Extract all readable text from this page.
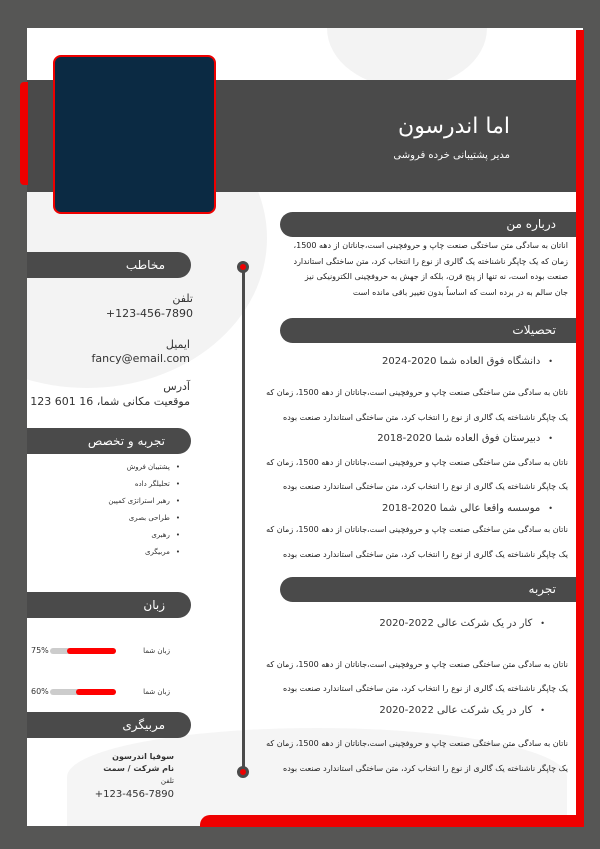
اما اندرسون
مدیر پشتیبانی خرده فروشی
درباره من
اناتان به سادگی متن ساختگی صنعت چاپ و حروفچینی است،جاناتان از دهه 1500، زمان که یک چاپگر ناشناخته یک گالری از نوع را انتخاب کرد، متن ساختگی استاندارد صنعت بوده است، نه تنها از پنج قرن، بلکه از جهش به حروفچینی الکترونیکی نیز جان سالم به در برده است که اساساً بدون تغییر باقی مانده است
تحصیلات
• دانشگاه فوق العاده شما 2020-2024
ناتان به سادگی متن ساختگی صنعت چاپ و حروفچینی است،جاناتان از دهه 1500، زمان که یک چاپگر ناشناخته یک گالری از نوع را انتخاب کرد، متن ساختگی استاندارد صنعت بوده
• دبیرستان فوق العاده شما 2020-2018
ناتان به سادگی متن ساختگی صنعت چاپ و حروفچینی است،جاناتان از دهه 1500، زمان که یک چاپگر ناشناخته یک گالری از نوع را انتخاب کرد، متن ساختگی استاندارد صنعت بوده
• موسسه واقعا عالی شما 2020-2018
ناتان به سادگی متن ساختگی صنعت چاپ و حروفچینی است،جاناتان از دهه 1500، زمان که یک چاپگر ناشناخته یک گالری از نوع را انتخاب کرد، متن ساختگی استاندارد صنعت بوده
تجربه
• کار در یک شرکت عالی 2022-2020
ناتان به سادگی متن ساختگی صنعت چاپ و حروفچینی است،جاناتان از دهه 1500، زمان که یک چاپگر ناشناخته یک گالری از نوع را انتخاب کرد، متن ساختگی استاندارد صنعت بوده
• کار در یک شرکت عالی 2022-2020
ناتان به سادگی متن ساختگی صنعت چاپ و حروفچینی است،جاناتان از دهه 1500، زمان که یک چاپگر ناشناخته یک گالری از نوع را انتخاب کرد، متن ساختگی استاندارد صنعت بوده
مخاطب
تلفن
+123-456-7890
ایمیل
fancy@email.com
آدرس
موقعیت مکانی شما، 16 601 123
تجربه و تخصص
• پشتیبان فروش
• تحلیلگر داده
• رهبر استراتژی کمپین
• طراحی بصری
• رهبری
• مربیگری
زبان
زبان شما
75%
زبان شما
60%
مربیگری
سوفیا اندرسون
نام شرکت / سمت
تلفن
+123-456-7890
